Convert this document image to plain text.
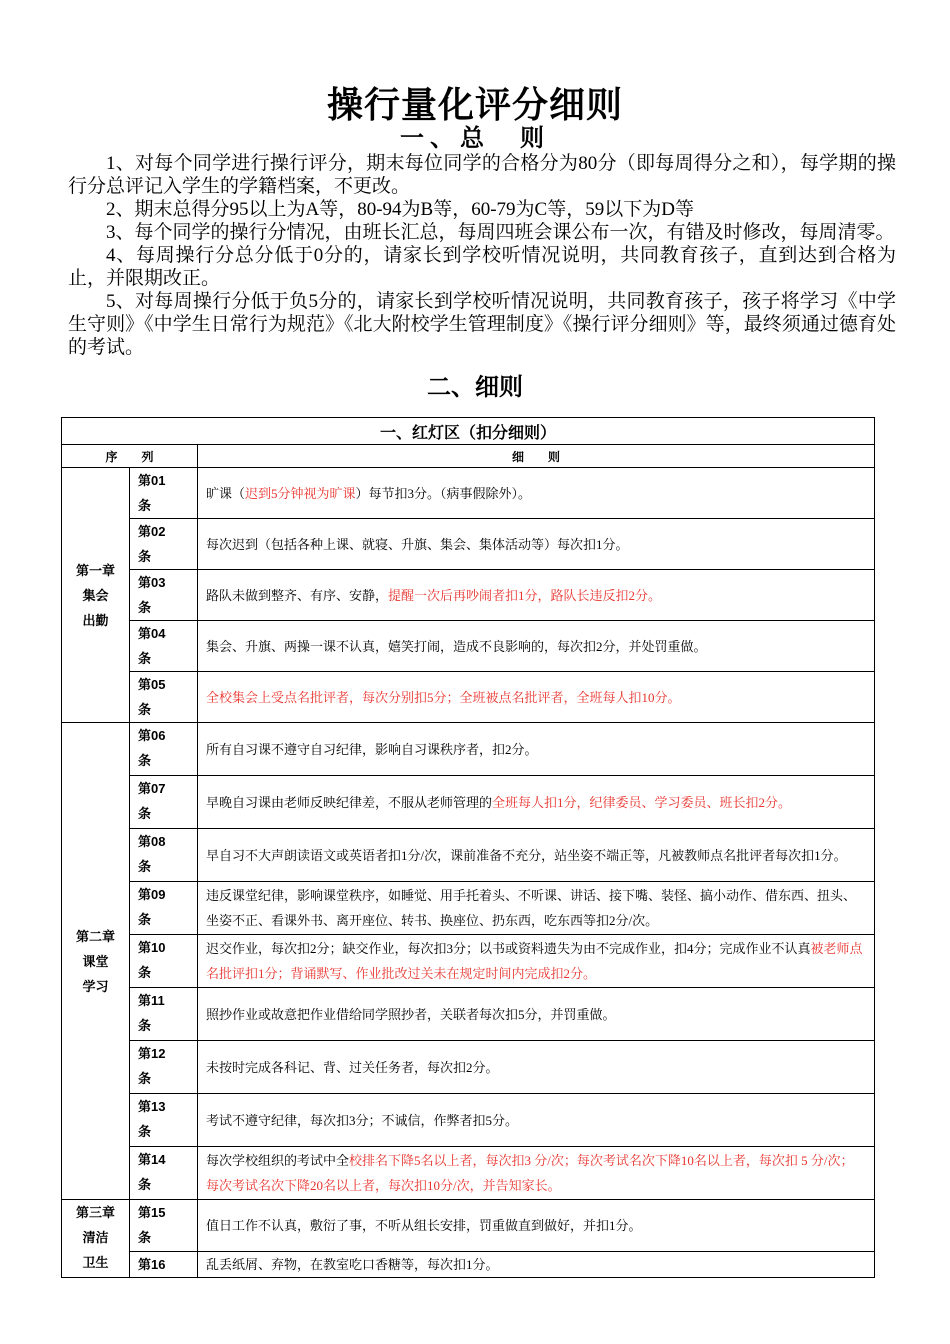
操行量化评分细则
一、总　则

1、对每个同学进行操行评分，期末每位同学的合格分为80分（即每周得分之和），每学期的操行分总评记入学生的学籍档案，不更改。

2、期末总得分95以上为A等，80-94为B等，60-79为C等，59以下为D等

3、每个同学的操行分情况，由班长汇总，每周四班会课公布一次，有错及时修改，每周清零。

4、每周操行分总分低于0分的，请家长到学校听情况说明，共同教育孩子，直到达到合格为止，并限期改正。

5、对每周操行分低于负5分的，请家长到学校听情况说明，共同教育孩子，孩子将学习《中学生守则》《中学生日常行为规范》《北大附校学生管理制度》《操行评分细则》等，最终须通过德育处的考试。

二、细则
一、红灯区（扣分细则）		
序　　列		细　　则

第一章
集会
出勤	第01
条	旷课（迟到5分钟视为旷课）每节扣3分。（病事假除外）。

	第02
条	每次迟到（包括各种上课、就寝、升旗、集会、集体活动等）每次扣1分。

	第03
条	路队未做到整齐、有序、安静，提醒一次后再吵闹者扣1分，路队长违反扣2分。

	第04
条	集会、升旗、两操一课不认真，嬉笑打闹，造成不良影响的，每次扣2分，并处罚重做。

	第05
条	全校集会上受点名批评者，每次分别扣5分；全班被点名批评者，全班每人扣10分。

第二章
课堂
学习	第06
条	所有自习课不遵守自习纪律，影响自习课秩序者，扣2分。

	第07
条	早晚自习课由老师反映纪律差，不服从老师管理的全班每人扣1分，纪律委员、学习委员、班长扣2分。

	第08
条	早自习不大声朗读语文或英语者扣1分/次，课前准备不充分，站坐姿不端正等，凡被教师点名批评者每次扣1分。

	第09
条	违反课堂纪律，影响课堂秩序，如睡觉、用手托着头、不听课、讲话、接下嘴、装怪、搞小动作、借东西、扭头、坐姿不正、看课外书、离开座位、转书、换座位、扔东西，吃东西等扣2分/次。

	第10
条	迟交作业，每次扣2分；缺交作业，每次扣3分；以书或资料遗失为由不完成作业，扣4分；完成作业不认真被老师点名批评扣1分；背诵默写、作业批改过关未在规定时间内完成扣2分。

	第11
条	照抄作业或故意把作业借给同学照抄者，关联者每次扣5分，并罚重做。

	第12
条	未按时完成各科记、背、过关任务者，每次扣2分。

	第13
条	考试不遵守纪律，每次扣3分；不诚信，作弊者扣5分。

	第14
条	每次学校组织的考试中全校排名下降5名以上者，每次扣3 分/次；每次考试名次下降10名以上者，每次扣 5 分/次；每次考试名次下降20名以上者，每次扣10分/次，并告知家长。

第三章
清洁
卫生	第15
条	值日工作不认真，敷衍了事，不听从组长安排，罚重做直到做好，并扣1分。

	第16	乱丢纸屑、弃物，在教室吃口香糖等，每次扣1分。
